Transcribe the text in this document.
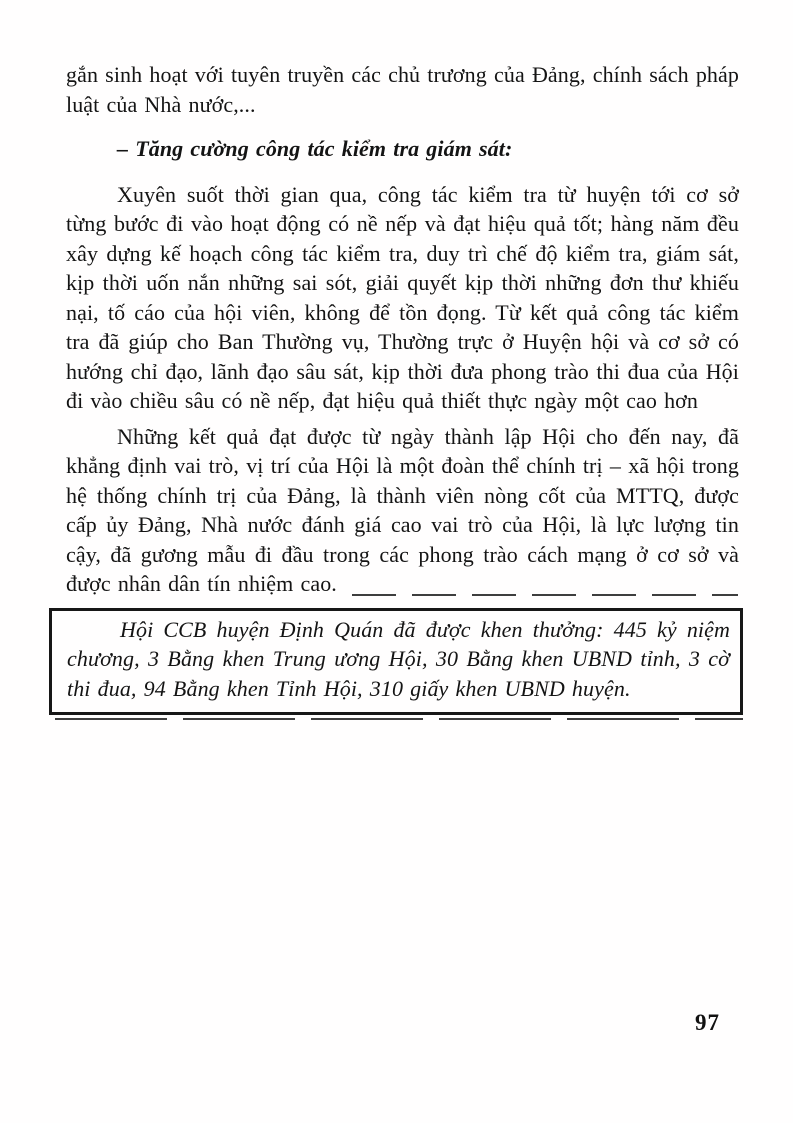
gắn sinh hoạt với tuyên truyền các chủ trương của Đảng, chính sách pháp luật của Nhà nước,...

– Tăng cường công tác kiểm tra giám sát:

Xuyên suốt thời gian qua, công tác kiểm tra từ huyện tới cơ sở từng bước đi vào hoạt động có nề nếp và đạt hiệu quả tốt; hàng năm đều xây dựng kế hoạch công tác kiểm tra, duy trì chế độ kiểm tra, giám sát, kịp thời uốn nắn những sai sót, giải quyết kịp thời những đơn thư khiếu nại, tố cáo của hội viên, không để tồn đọng. Từ kết quả công tác kiểm tra đã giúp cho Ban Thường vụ, Thường trực ở Huyện hội và cơ sở có hướng chỉ đạo, lãnh đạo sâu sát, kịp thời đưa phong trào thi đua của Hội đi vào chiều sâu có nề nếp, đạt hiệu quả thiết thực ngày một cao hơn

Những kết quả đạt được từ ngày thành lập Hội cho đến nay, đã khẳng định vai trò, vị trí của Hội là một đoàn thể chính trị – xã hội trong hệ thống chính trị của Đảng, là thành viên nòng cốt của MTTQ, được cấp ủy Đảng, Nhà nước đánh giá cao vai trò của Hội, là lực lượng tin cậy, đã gương mẫu đi đầu trong các phong trào cách mạng ở cơ sở và được nhân dân tín nhiệm cao.

Hội CCB huyện Định Quán đã được khen thưởng: 445 kỷ niệm chương, 3 Bằng khen Trung ương Hội, 30 Bằng khen UBND tỉnh, 3 cờ thi đua, 94 Bằng khen Tỉnh Hội, 310 giấy khen UBND huyện.

97
